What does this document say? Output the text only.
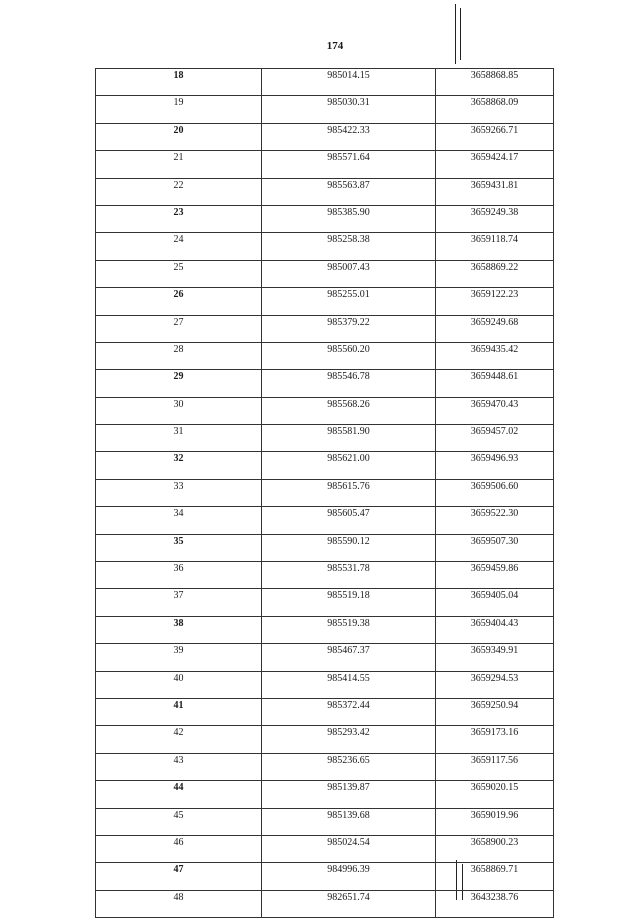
174
18	985014.15	3658868.85
19	985030.31	3658868.09
20	985422.33	3659266.71
21	985571.64	3659424.17
22	985563.87	3659431.81
23	985385.90	3659249.38
24	985258.38	3659118.74
25	985007.43	3658869.22
26	985255.01	3659122.23
27	985379.22	3659249.68
28	985560.20	3659435.42
29	985546.78	3659448.61
30	985568.26	3659470.43
31	985581.90	3659457.02
32	985621.00	3659496.93
33	985615.76	3659506.60
34	985605.47	3659522.30
35	985590.12	3659507.30
36	985531.78	3659459.86
37	985519.18	3659405.04
38	985519.38	3659404.43
39	985467.37	3659349.91
40	985414.55	3659294.53
41	985372.44	3659250.94
42	985293.42	3659173.16
43	985236.65	3659117.56
44	985139.87	3659020.15
45	985139.68	3659019.96
46	985024.54	3658900.23
47	984996.39	3658869.71
48	982651.74	3643238.76
